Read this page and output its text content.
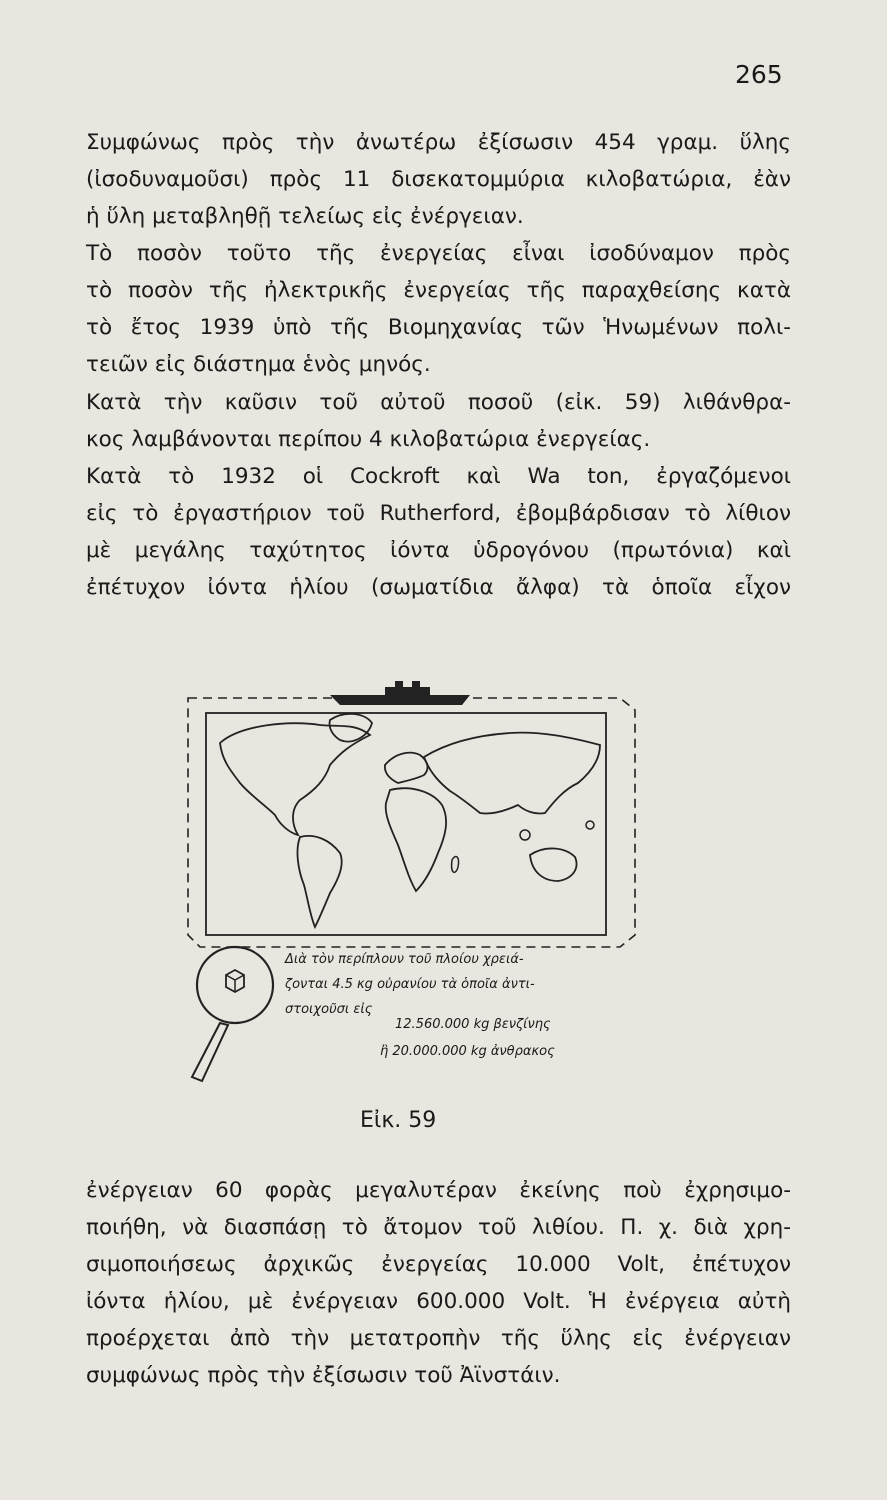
265
Συμφώνως πρὸς τὴν ἀνωτέρω ἐξίσωσιν 454 γραμ. ὕλης
(ἰσοδυναμοῦσι) πρὸς 11 δισεκατομμύρια κιλοβατώρια, ἐὰν
ἡ ὕλη μεταβληθῇ τελείως εἰς ἐνέργειαν.
Τὸ ποσὸν τοῦτο τῆς ἐνεργείας εἶναι ἰσοδύναμον πρὸς
τὸ ποσὸν τῆς ἠλεκτρικῆς ἐνεργείας τῆς παραχθείσης κατὰ
τὸ ἔτος 1939 ὑπὸ τῆς Βιομηχανίας τῶν Ἡνωμένων πολι-
τειῶν εἰς διάστημα ἑνὸς μηνός.
Κατὰ τὴν καῦσιν τοῦ αὐτοῦ ποσοῦ (εἰκ. 59) λιθάνθρα-
κος λαμβάνονται περίπου 4 κιλοβατώρια ἐνεργείας.
Κατὰ τὸ 1932 οἱ Cockroft καὶ Wa ton, ἐργαζόμενοι
εἰς τὸ ἐργαστήριον τοῦ Rutherford, ἐβομβάρδισαν τὸ λίθιον
μὲ μεγάλης ταχύτητος ἰόντα ὑδρογόνου (πρωτόνια) καὶ
ἐπέτυχον ἰόντα ἡλίου (σωματίδια ἄλφα) τὰ ὁποῖα εἶχον
Διὰ τὸν περίπλουν τοῦ πλοίου χρειά-
ζονται 4.5 κg οὐρανίου τὰ ὁποῖα ἀντι-
στοιχοῦσι εἰς
12.560.000 kg βενζίνης
ἢ 20.000.000 kg ἀνθρακος
Εἰκ. 59
ἐνέργειαν 60 φορὰς μεγαλυτέραν ἐκείνης ποὺ ἐχρησιμο-
ποιήθη, νὰ διασπάσῃ τὸ ἄτομον τοῦ λιθίου. Π. χ. διὰ χρη-
σιμοποιήσεως ἀρχικῶς ἐνεργείας 10.000 Volt, ἐπέτυχον
ἰόντα ἡλίου, μὲ ἐνέργειαν 600.000 Volt. Ἡ ἐνέργεια αὐτὴ
προέρχεται ἀπὸ τὴν μετατροπὴν τῆς ὕλης εἰς ἐνέργειαν
συμφώνως πρὸς τὴν ἐξίσωσιν τοῦ Ἀϊνστάιν.
